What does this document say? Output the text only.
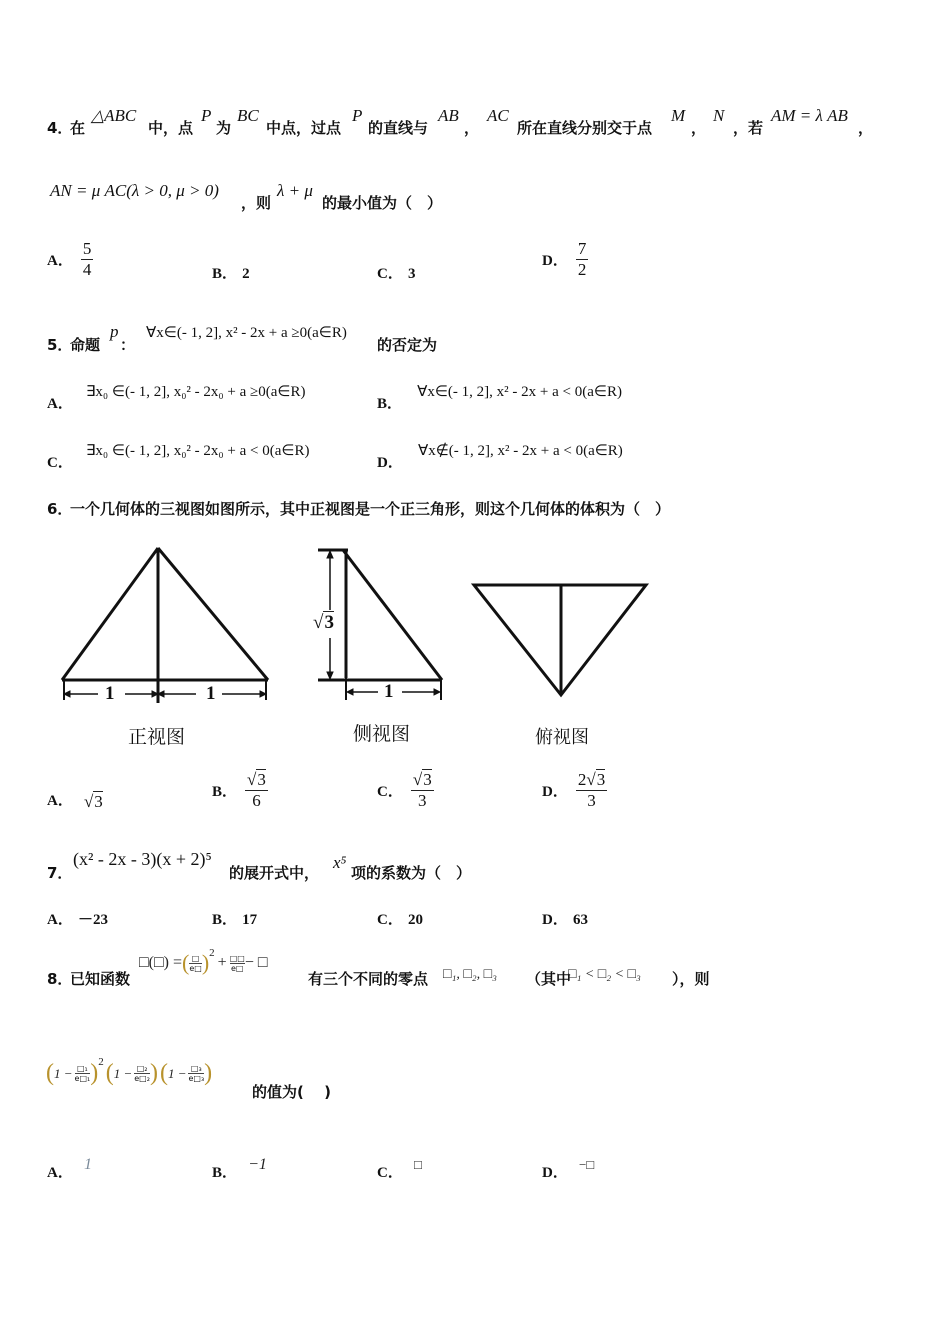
4．
在
△ABC
中，点
P
为
BC
中点，过点
P
的直线与
AB
，
AC
所在直线分别交于点
M
，
N
，若
AM = λ AB
，
AN = μ AC(λ > 0, μ > 0)
，则
λ + μ
的最小值为（　）
A． $\frac{5}{4}$	B． 2	C． 3
D． $\frac{7}{2}$
5．
命题
p
：
∀x∈(- 1, 2], x² - 2x + a ≥0(a∈R)
的否定为
A． ∃x₀ ∈(- 1, 2], x₀² - 2x₀ + a ≥0(a∈R)
B． ∀x∈(- 1, 2], x² - 2x + a < 0(a∈R)
C． ∃x₀ ∈(- 1, 2], x₀² - 2x₀ + a < 0(a∈R)
D． ∀x∉(- 1, 2], x² - 2x + a < 0(a∈R)
6．
一个几何体的三视图如图所示，其中正视图是一个正三角形，则这个几何体的体积为（　）
1	1	1
√3
正视图	侧视图	俯视图
A． √3
B． $\frac{√3}{6}$	C． $\frac{√3}{3}$	D． $\frac{2√3}{3}$
7．
(x² - 2x - 3)(x + 2)⁵
的展开式中，
x⁵
项的系数为（　）
A． －23	B． 17	C． 20	D． 63
8．
已知函数
□(□) = ( □
e□ ) 2
+ □□
e□ − □
有三个不同的零点 □₁, □₂, □₃ （其中
□₁ < □₂ < □₃ ），则
( 1 − □₁
e□₁ ) 2 ( 1 − □₂
e□₂ ) ( 1 − □₃
e□₃ )
的值为(　 )
A． 1	B． −1	C． □
D． −□
